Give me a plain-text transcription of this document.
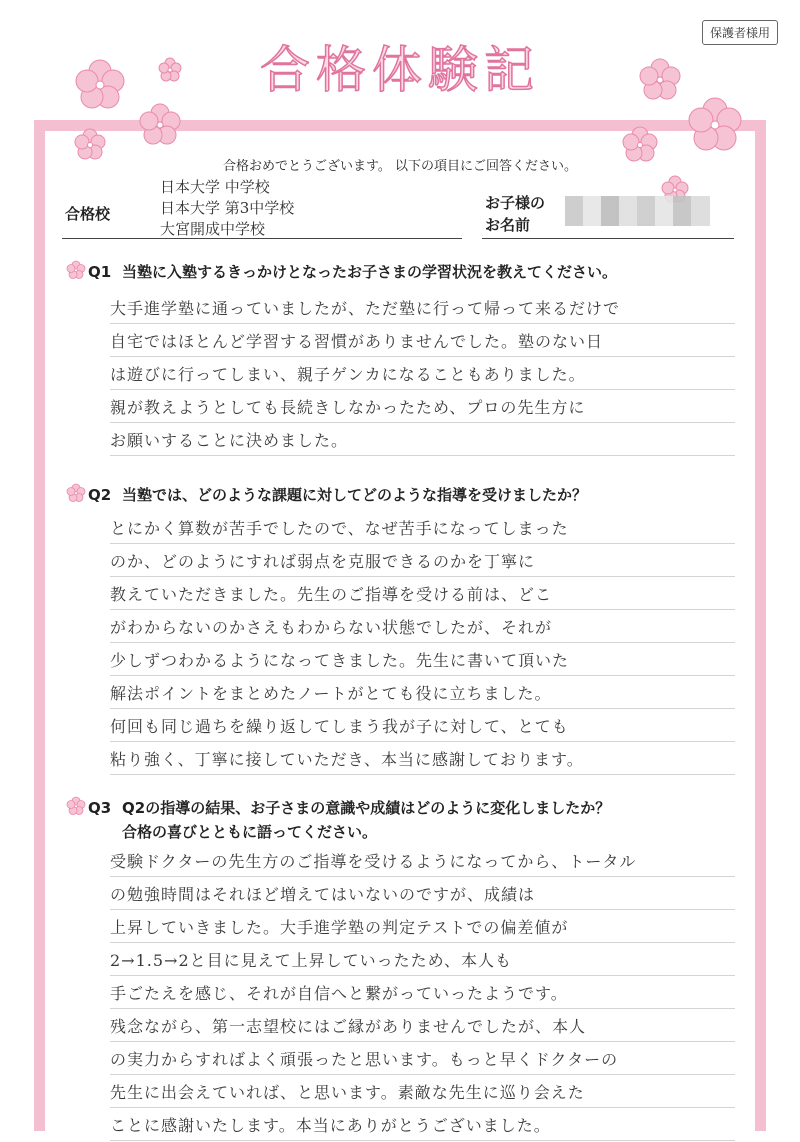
保護者様用
合格体験記
合格おめでとうございます。 以下の項目にご回答ください。
合格校
日本大学 中学校
日本大学 第3中学校
大宮開成中学校
お子様の
お名前
Q1 当塾に入塾するきっかけとなったお子さまの学習状況を教えてください。
大手進学塾に通っていましたが、ただ塾に行って帰って来るだけで
自宅ではほとんど学習する習慣がありませんでした。塾のない日
は遊びに行ってしまい、親子ゲンカになることもありました。
親が教えようとしても長続きしなかったため、プロの先生方に
お願いすることに決めました。
Q2 当塾では、どのような課題に対してどのような指導を受けましたか？
とにかく算数が苦手でしたので、なぜ苦手になってしまった
のか、どのようにすれば弱点を克服できるのかを丁寧に
教えていただきました。先生のご指導を受ける前は、どこ
がわからないのかさえもわからない状態でしたが、それが
少しずつわかるようになってきました。先生に書いて頂いた
解法ポイントをまとめたノートがとても役に立ちました。
何回も同じ過ちを繰り返してしまう我が子に対して、とても
粘り強く、丁寧に接していただき、本当に感謝しております。
Q3 Q2の指導の結果、お子さまの意識や成績はどのように変化しましたか？
合格の喜びとともに語ってください。
受験ドクターの先生方のご指導を受けるようになってから、トータル
の勉強時間はそれほど増えてはいないのですが、成績は
上昇していきました。大手進学塾の判定テストでの偏差値が
2→1.5→2と目に見えて上昇していったため、本人も
手ごたえを感じ、それが自信へと繋がっていったようです。
残念ながら、第一志望校にはご縁がありませんでしたが、本人
の実力からすればよく頑張ったと思います。もっと早くドクターの
先生に出会えていれば、と思います。素敵な先生に巡り会えた
ことに感謝いたします。本当にありがとうございました。
